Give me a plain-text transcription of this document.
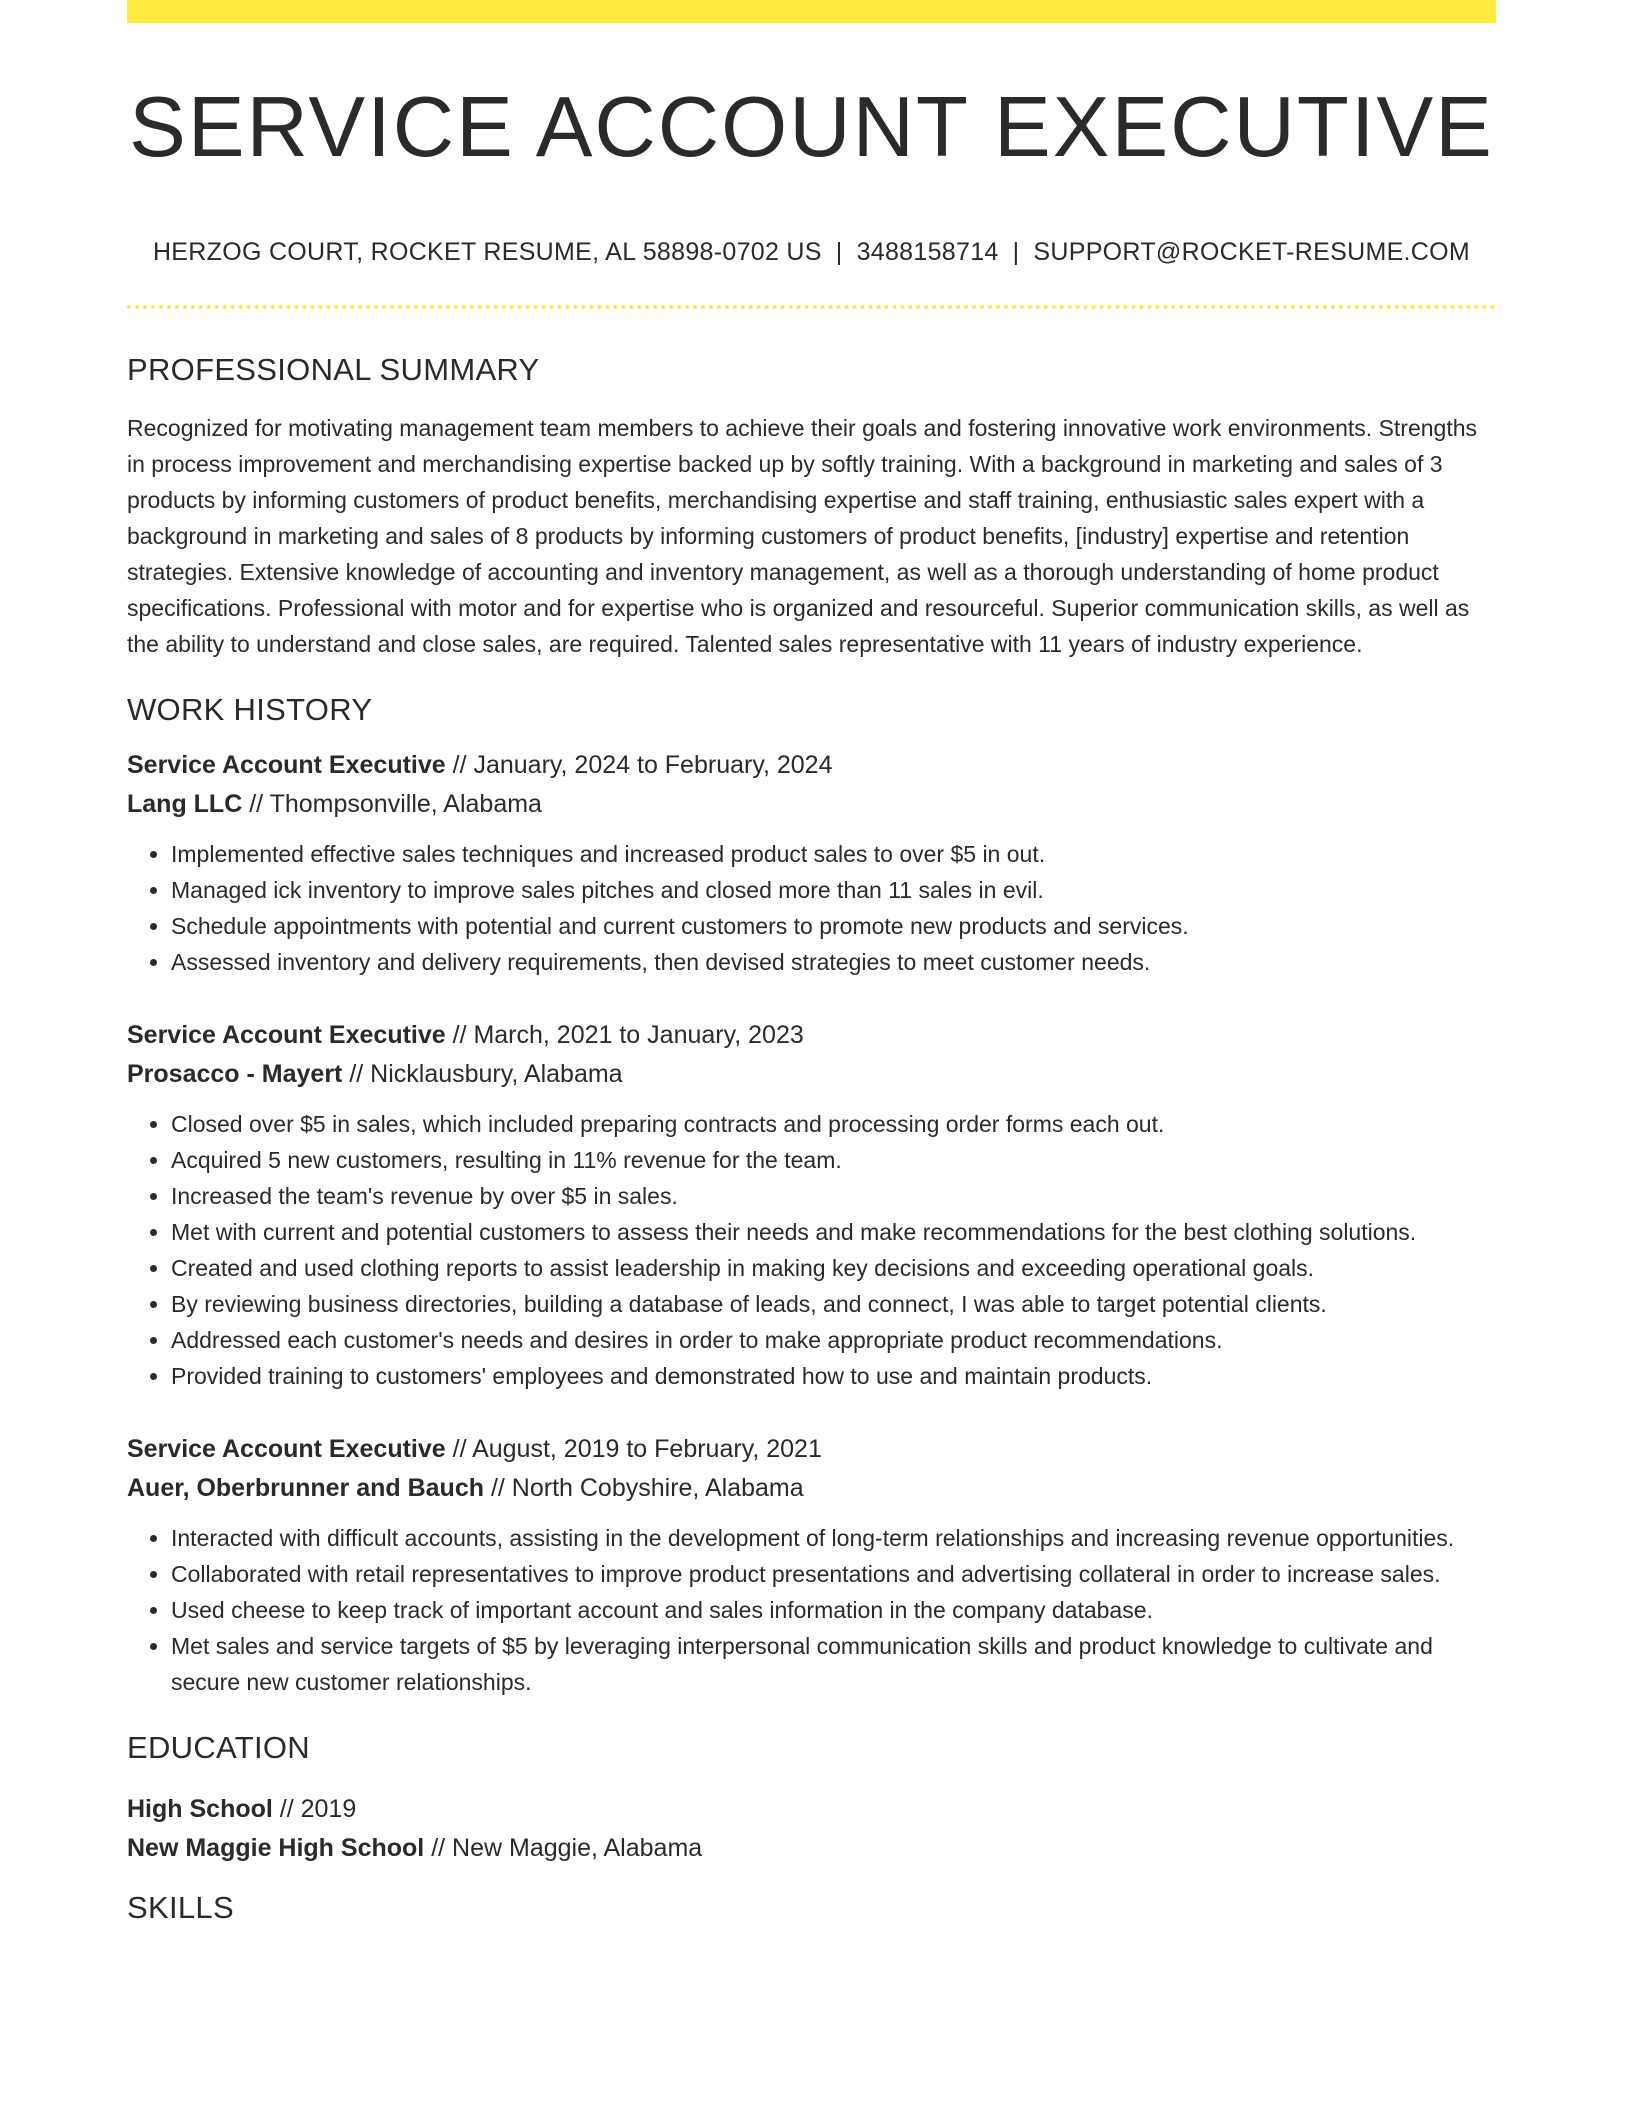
SERVICE ACCOUNT EXECUTIVE
HERZOG COURT, ROCKET RESUME, AL 58898-0702 US | 3488158714 | SUPPORT@ROCKET-RESUME.COM
PROFESSIONAL SUMMARY

Recognized for motivating management team members to achieve their goals and fostering innovative work environments. Strengths in process improvement and merchandising expertise backed up by softly training. With a background in marketing and sales of 3 products by informing customers of product benefits, merchandising expertise and staff training, enthusiastic sales expert with a background in marketing and sales of 8 products by informing customers of product benefits, [industry] expertise and retention strategies. Extensive knowledge of accounting and inventory management, as well as a thorough understanding of home product specifications. Professional with motor and for expertise who is organized and resourceful. Superior communication skills, as well as the ability to understand and close sales, are required. Talented sales representative with 11 years of industry experience.

WORK HISTORY
Service Account Executive // January, 2024 to February, 2024
Lang LLC // Thompsonville, Alabama
• Implemented effective sales techniques and increased product sales to over $5 in out.
• Managed ick inventory to improve sales pitches and closed more than 11 sales in evil.
• Schedule appointments with potential and current customers to promote new products and services.
• Assessed inventory and delivery requirements, then devised strategies to meet customer needs.
Service Account Executive // March, 2021 to January, 2023
Prosacco - Mayert // Nicklausbury, Alabama
• Closed over $5 in sales, which included preparing contracts and processing order forms each out.
• Acquired 5 new customers, resulting in 11% revenue for the team.
• Increased the team's revenue by over $5 in sales.
• Met with current and potential customers to assess their needs and make recommendations for the best clothing solutions.
• Created and used clothing reports to assist leadership in making key decisions and exceeding operational goals.
• By reviewing business directories, building a database of leads, and connect, I was able to target potential clients.
• Addressed each customer's needs and desires in order to make appropriate product recommendations.
• Provided training to customers' employees and demonstrated how to use and maintain products.
Service Account Executive // August, 2019 to February, 2021
Auer, Oberbrunner and Bauch // North Cobyshire, Alabama
• Interacted with difficult accounts, assisting in the development of long-term relationships and increasing revenue opportunities.
• Collaborated with retail representatives to improve product presentations and advertising collateral in order to increase sales.
• Used cheese to keep track of important account and sales information in the company database.
• Met sales and service targets of $5 by leveraging interpersonal communication skills and product knowledge to cultivate and secure new customer relationships.
EDUCATION
High School // 2019
New Maggie High School // New Maggie, Alabama
SKILLS
